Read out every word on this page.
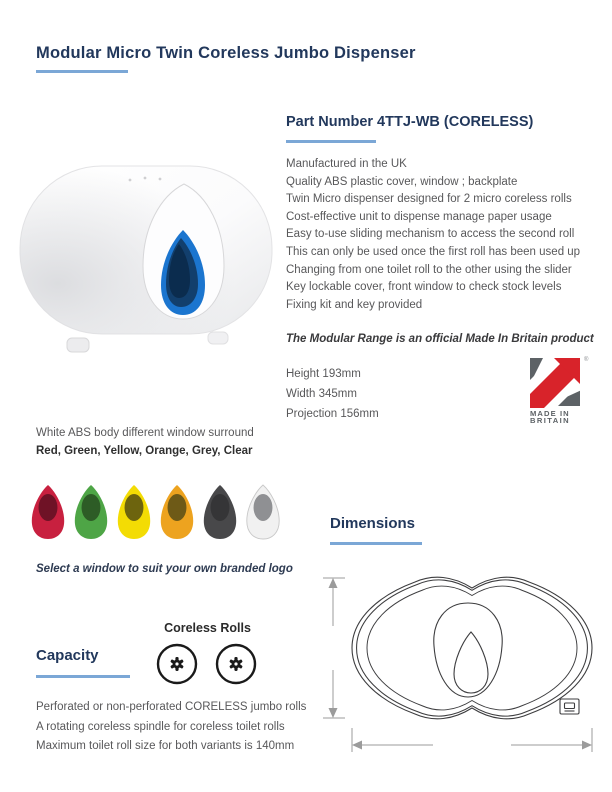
Modular Micro Twin Coreless Jumbo Dispenser
Part Number 4TTJ-WB (CORELESS)
Manufactured in the UK
Quality ABS plastic cover, window ; backplate
Twin Micro dispenser designed for 2 micro coreless rolls
Cost-effective unit to dispense manage paper usage
Easy to-use sliding mechanism to access the second roll
This can only be used once the first roll has been used up
Changing from one toilet roll to the other using the slider
Key lockable cover, front window to check stock levels
Fixing kit and key provided
The Modular Range is an official Made In Britain product
Height 193mm
Width 345mm
Projection 156mm
®
MADE IN
BRITAIN
White ABS body different window surround
Red, Green, Yellow, Orange, Grey, Clear
Select a window to suit your own branded logo
Dimensions
Coreless Rolls
Capacity
Perforated or non-perforated CORELESS jumbo rolls
A rotating coreless spindle for coreless toilet rolls
Maximum toilet roll size for both variants is 140mm
